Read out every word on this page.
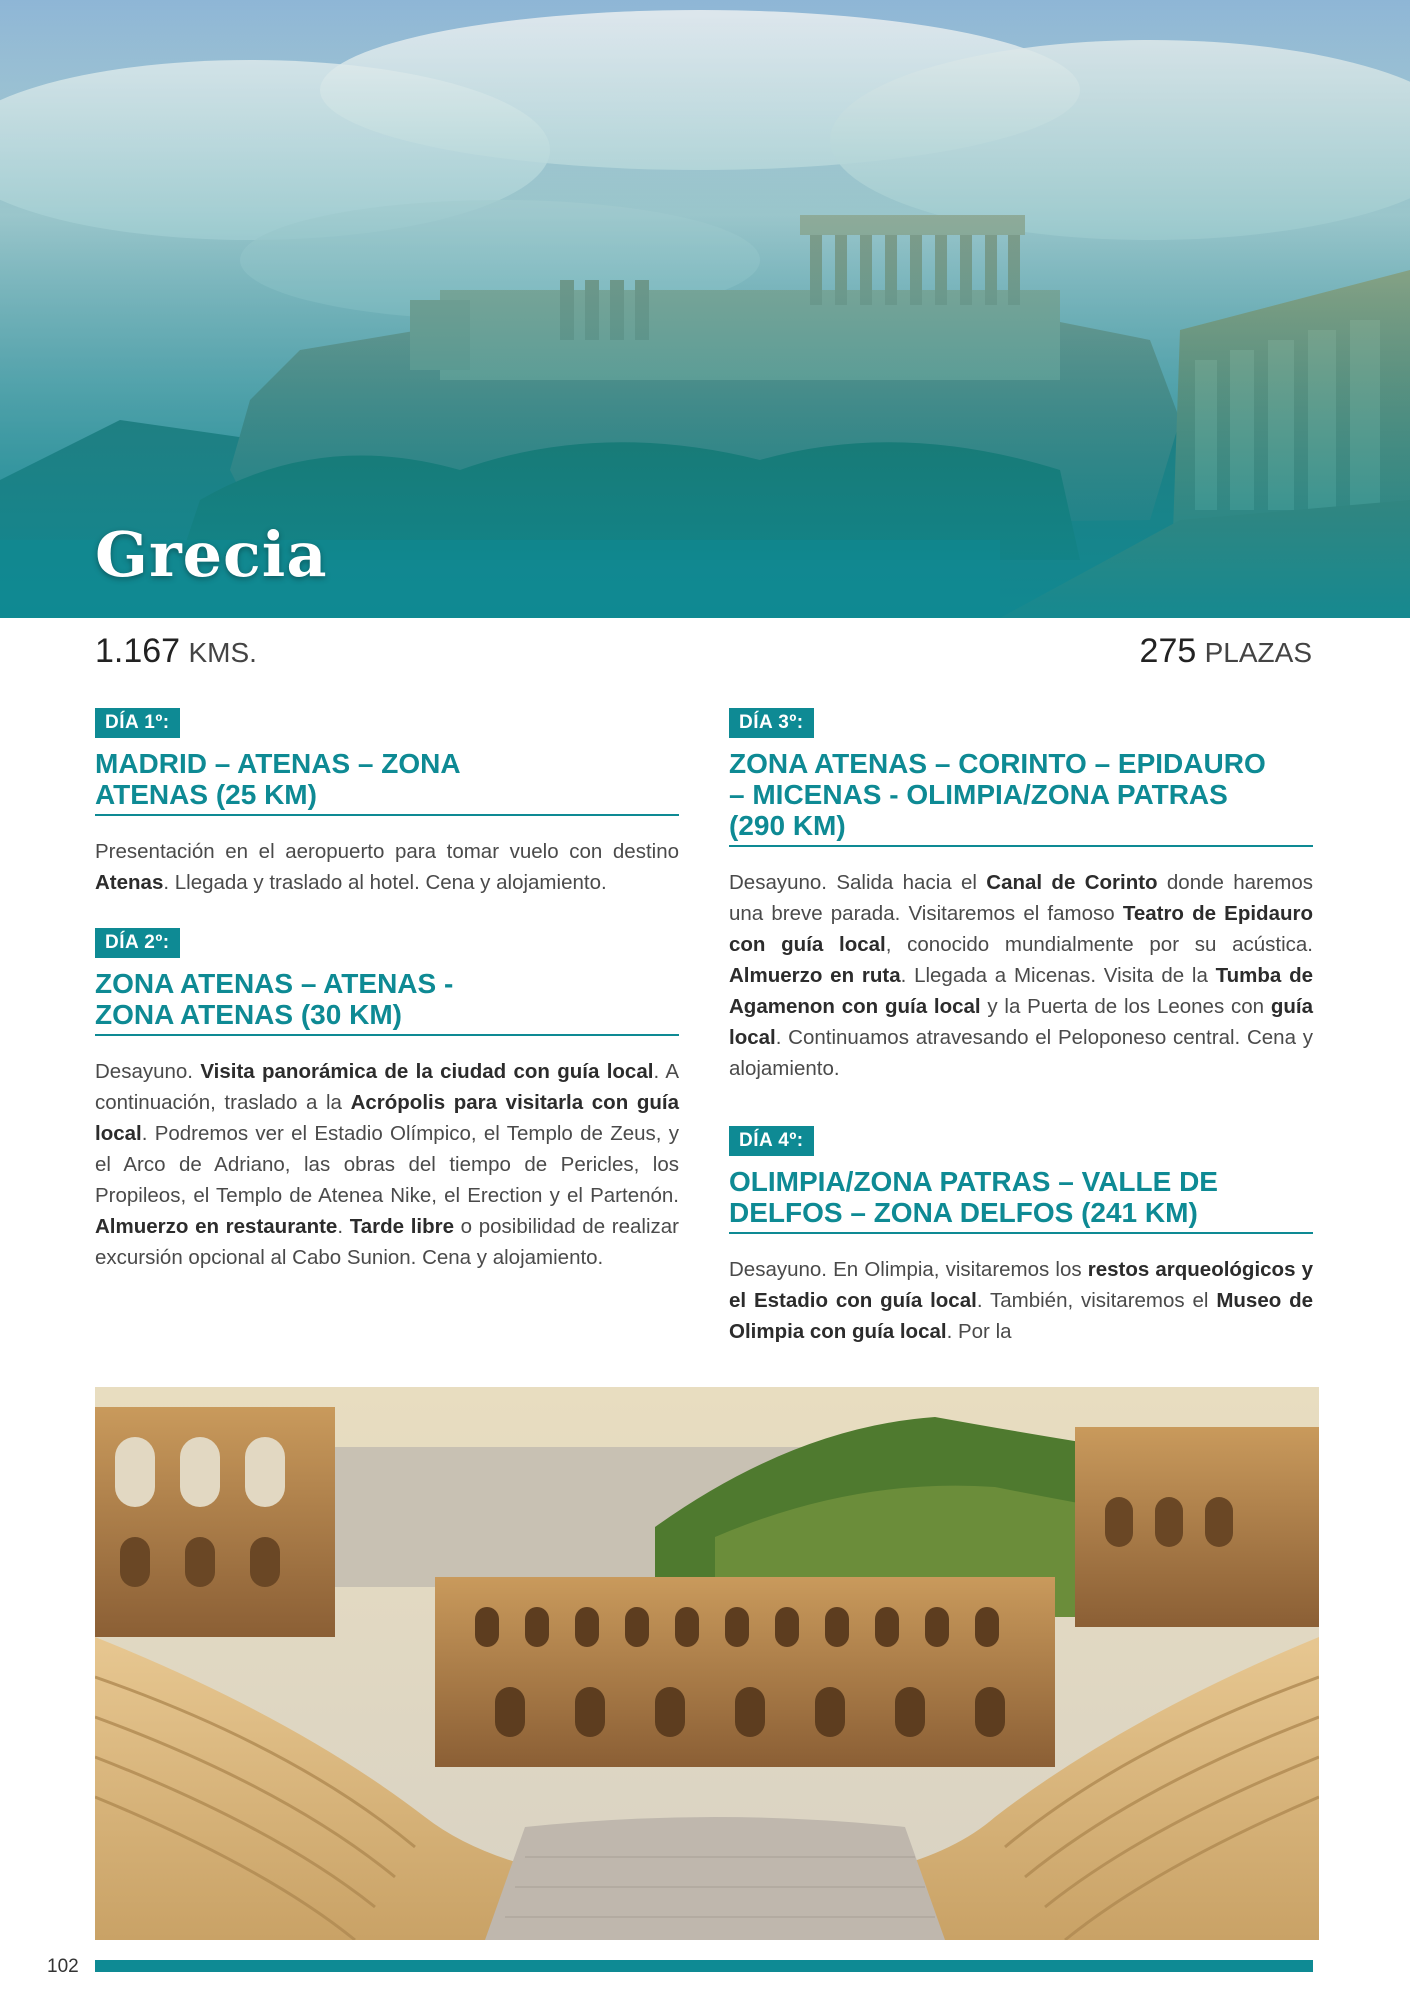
Grecia
1.167 KMS.	275 PLAZAS
DÍA 1º:
MADRID – ATENAS – ZONA
ATENAS (25 KM)
Presentación en el aeropuerto para tomar vuelo con destino Atenas. Llegada y traslado al hotel. Cena y alojamiento.
DÍA 2º:
ZONA ATENAS – ATENAS -
ZONA ATENAS (30 KM)
Desayuno. Visita panorámica de la ciudad con guía local. A continuación, traslado a la Acrópolis para visitarla con guía local. Podremos ver el Estadio Olímpico, el Templo de Zeus, y el Arco de Adriano, las obras del tiempo de Pericles, los Propileos, el Templo de Atenea Nike, el Erection y el Partenón. Almuerzo en restaurante. Tarde libre o posibilidad de realizar excursión opcional al Cabo Sunion. Cena y alojamiento.
DÍA 3º:
ZONA ATENAS – CORINTO – EPIDAURO
– MICENAS - OLIMPIA/ZONA PATRAS
(290 KM)
Desayuno. Salida hacia el Canal de Corinto donde haremos una breve parada. Visitaremos el famoso Teatro de Epidauro con guía local, conocido mundialmente por su acústica. Almuerzo en ruta. Llegada a Micenas. Visita de la Tumba de Agamenon con guía local y la Puerta de los Leones con guía local. Continuamos atravesando el Peloponeso central. Cena y alojamiento.
DÍA 4º:
OLIMPIA/ZONA PATRAS – VALLE DE
DELFOS – ZONA DELFOS (241 KM)
Desayuno. En Olimpia, visitaremos los restos arqueológicos y el Estadio con guía local. También, visitaremos el Museo de Olimpia con guía local. Por la
102
